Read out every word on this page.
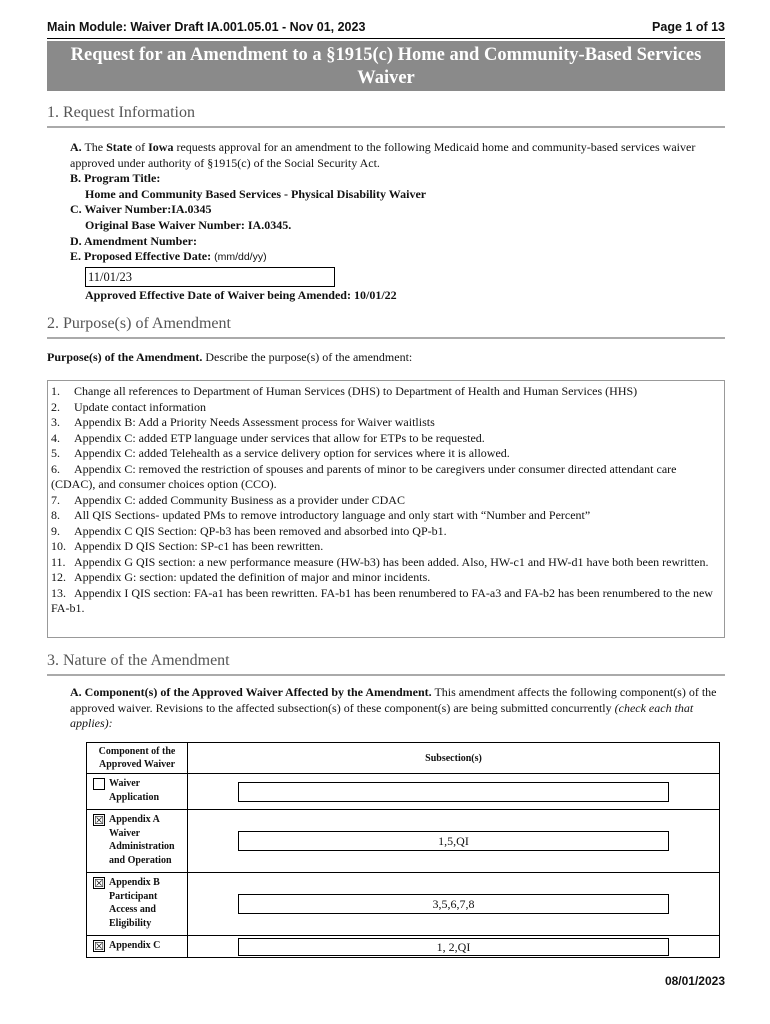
Main Module: Waiver Draft IA.001.05.01 - Nov 01, 2023	Page 1 of 13
Request for an Amendment to a §1915(c) Home and Community-Based Services Waiver
1. Request Information
A. The State of Iowa requests approval for an amendment to the following Medicaid home and community-based services waiver approved under authority of §1915(c) of the Social Security Act.
B. Program Title:
Home and Community Based Services - Physical Disability Waiver
C. Waiver Number:IA.0345
Original Base Waiver Number: IA.0345.
D. Amendment Number:
E. Proposed Effective Date: (mm/dd/yy)
11/01/23
Approved Effective Date of Waiver being Amended: 10/01/22
2. Purpose(s) of Amendment
Purpose(s) of the Amendment. Describe the purpose(s) of the amendment:
1. Change all references to Department of Human Services (DHS) to Department of Health and Human Services (HHS)
2. Update contact information
3. Appendix B: Add a Priority Needs Assessment process for Waiver waitlists
4. Appendix C: added ETP language under services that allow for ETPs to be requested.
5. Appendix C: added Telehealth as a service delivery option for services where it is allowed.
6. Appendix C: removed the restriction of spouses and parents of minor to be caregivers under consumer directed attendant care (CDAC), and consumer choices option (CCO).
7. Appendix C: added Community Business as a provider under CDAC
8. All QIS Sections- updated PMs to remove introductory language and only start with “Number and Percent”
9. Appendix C QIS Section: QP-b3 has been removed and absorbed into QP-b1.
10. Appendix D QIS Section: SP-c1 has been rewritten.
11. Appendix G QIS section: a new performance measure (HW-b3) has been added. Also, HW-c1 and HW-d1 have both been rewritten.
12. Appendix G: section: updated the definition of major and minor incidents.
13. Appendix I QIS section: FA-a1 has been rewritten. FA-b1 has been renumbered to FA-a3 and FA-b2 has been renumbered to the new FA-b1.
3. Nature of the Amendment
A. Component(s) of the Approved Waiver Affected by the Amendment. This amendment affects the following component(s) of the approved waiver. Revisions to the affected subsection(s) of these component(s) are being submitted concurrently (check each that applies):
Component of the Approved Waiver	Subsection(s)

Waiver Application	

☒ Appendix A Waiver Administration and Operation	1,5,QI

☒ Appendix B Participant Access and Eligibility	3,5,6,7,8

☒ Appendix C	1, 2,QI
08/01/2023
